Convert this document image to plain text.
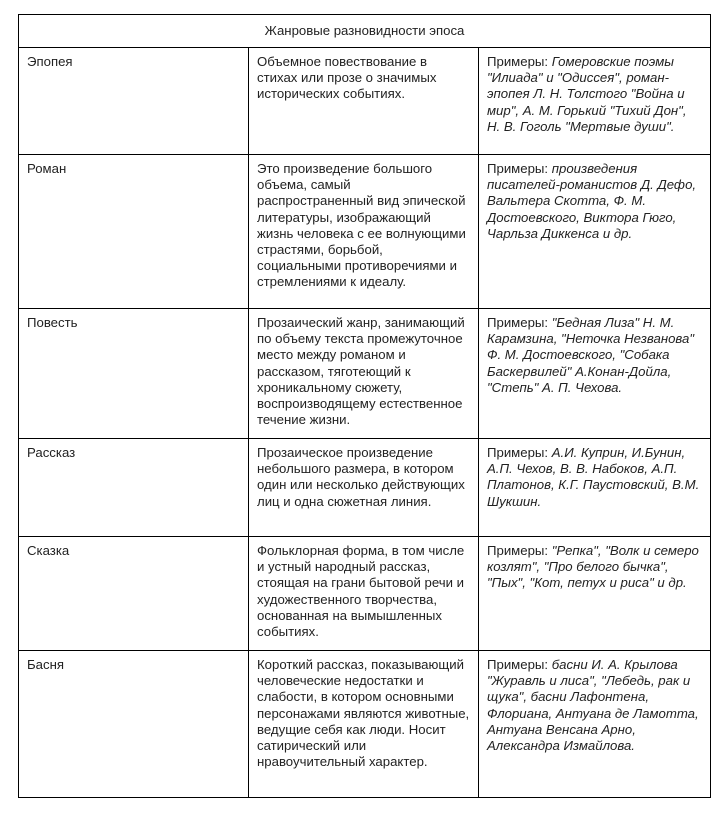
Жанровые разновидности эпоса		
Эпопея	Объемное повествование в стихах или прозе о значимых исторических событиях.	Примеры: Гомеровские поэмы "Илиада" и "Одиссея", роман-эпопея Л. Н. Толстого "Война и мир", А. М. Горький "Тихий Дон", Н. В. Гоголь "Мертвые души".
Роман	Это произведение большого объема, самый распространенный вид эпической литературы, изображающий жизнь человека с ее волнующими страстями, борьбой, социальными противоречиями и стремлениями к идеалу.	Примеры: произведения писателей-романистов Д. Дефо, Вальтера Скотта, Ф. М. Достоевского, Виктора Гюго, Чарльза Диккенса и др.
Повесть	Прозаический жанр, занимающий по объему текста промежуточное место между романом и рассказом, тяготеющий к хроникальному сюжету, воспроизводящему естественное течение жизни.	Примеры: "Бедная Лиза" Н. М. Карамзина, "Неточка Незванова" Ф. М. Достоевского, "Собака Баскервилей" А.Конан-Дойла, "Степь" А. П. Чехова.
Рассказ	Прозаическое произведение небольшого размера, в котором один или несколько действующих лиц и одна сюжетная линия.	Примеры: А.И. Куприн, И.Бунин, А.П. Чехов, В. В. Набоков, А.П. Платонов, К.Г. Паустовский, В.М. Шукшин.
Сказка	Фольклорная форма, в том числе и устный народный рассказ, стоящая на грани бытовой речи и художественного творчества, основанная на вымышленных событиях.	Примеры: "Репка", "Волк и семеро козлят", "Про белого бычка", "Пых", "Кот, петух и риса" и др.
Басня	Короткий рассказ, показывающий человеческие недостатки и слабости, в котором основными персонажами являются животные, ведущие себя как люди. Носит сатирический или нравоучительный характер.	Примеры: басни И. А. Крылова "Журавль и лиса", "Лебедь, рак и щука", басни Лафонтена, Флориана, Антуана де Ламотта, Антуана Венсана Арно, Александра Измайлова.
